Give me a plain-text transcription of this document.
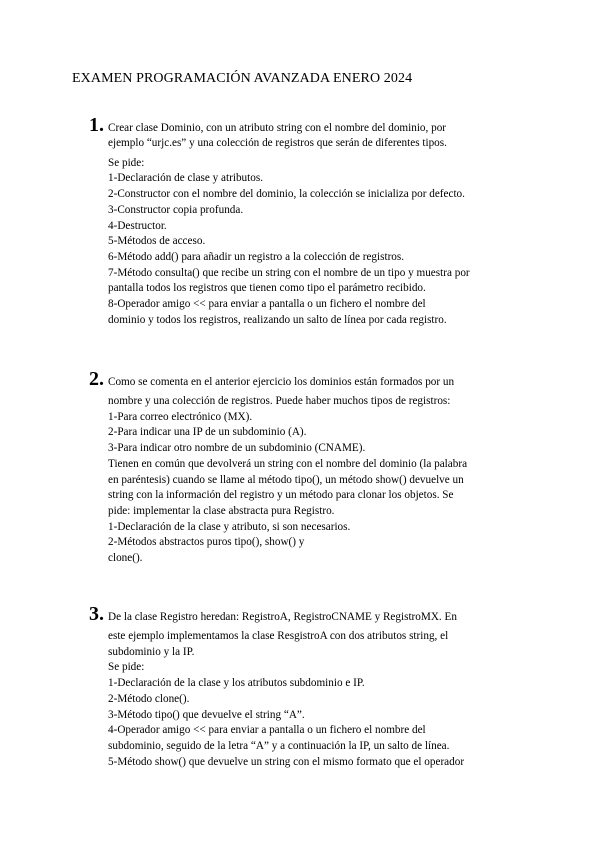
EXAMEN PROGRAMACIÓN AVANZADA ENERO 2024
1. Crear clase Dominio, con un atributo string con el nombre del dominio, por
ejemplo “urjc.es” y una colección de registros que serán de diferentes tipos.
Se pide:
1-Declaración de clase y atributos.
2-Constructor con el nombre del dominio, la colección se inicializa por defecto.
3-Constructor copia profunda.
4-Destructor.
5-Métodos de acceso.
6-Método add() para añadir un registro a la colección de registros.
7-Método consulta() que recibe un string con el nombre de un tipo y muestra por
pantalla todos los registros que tienen como tipo el parámetro recibido.
8-Operador amigo << para enviar a pantalla o un fichero el nombre del
dominio y todos los registros, realizando un salto de línea por cada registro.
2. Como se comenta en el anterior ejercicio los dominios están formados por un
nombre y una colección de registros. Puede haber muchos tipos de registros:
1-Para correo electrónico (MX).
2-Para indicar una IP de un subdominio (A).
3-Para indicar otro nombre de un subdominio (CNAME).
Tienen en común que devolverá un string con el nombre del dominio (la palabra
en paréntesis) cuando se llame al método tipo(), un método show() devuelve un
string con la información del registro y un método para clonar los objetos. Se
pide: implementar la clase abstracta pura Registro.
1-Declaración de la clase y atributo, si son necesarios.
2-Métodos abstractos puros tipo(), show() y
clone().
3. De la clase Registro heredan: RegistroA, RegistroCNAME y RegistroMX. En
este ejemplo implementamos la clase ResgistroA con dos atributos string, el
subdominio y la IP.
Se pide:
1-Declaración de la clase y los atributos subdominio e IP.
2-Método clone().
3-Método tipo() que devuelve el string “A”.
4-Operador amigo << para enviar a pantalla o un fichero el nombre del
subdominio, seguido de la letra “A” y a continuación la IP, un salto de línea.
5-Método show() que devuelve un string con el mismo formato que el operador
